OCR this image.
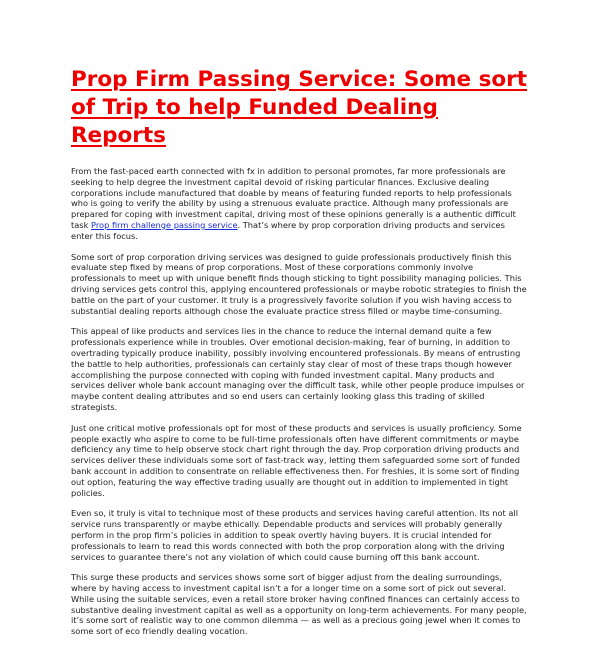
Prop Firm Passing Service: Some sort of Trip to help Funded Dealing Reports

From the fast-paced earth connected with fx in addition to personal promotes, far more professionals are seeking to help degree the investment capital devoid of risking particular finances. Exclusive dealing corporations include manufactured that doable by means of featuring funded reports to help professionals who is going to verify the ability by using a strenuous evaluate practice. Although many professionals are prepared for coping with investment capital, driving most of these opinions generally is a authentic difficult task Prop firm challenge passing service. That’s where by prop corporation driving products and services enter this focus.

Some sort of prop corporation driving services was designed to guide professionals productively finish this evaluate step fixed by means of prop corporations. Most of these corporations commonly involve professionals to meet up with unique benefit finds though sticking to tight possibility managing policies. This driving services gets control this, applying encountered professionals or maybe robotic strategies to finish the battle on the part of your customer. It truly is a progressively favorite solution if you wish having access to substantial dealing reports although chose the evaluate practice stress filled or maybe time-consuming.

This appeal of like products and services lies in the chance to reduce the internal demand quite a few professionals experience while in troubles. Over emotional decision-making, fear of burning, in addition to overtrading typically produce inability, possibly involving encountered professionals. By means of entrusting the battle to help authorities, professionals can certainly stay clear of most of these traps though however accomplishing the purpose connected with coping with funded investment capital. Many products and services deliver whole bank account managing over the difficult task, while other people produce impulses or maybe content dealing attributes and so end users can certainly looking glass this trading of skilled strategists.

Just one critical motive professionals opt for most of these products and services is usually proficiency. Some people exactly who aspire to come to be full-time professionals often have different commitments or maybe deficiency any time to help observe stock chart right through the day. Prop corporation driving products and services deliver these individuals some sort of fast-track way, letting them safeguarded some sort of funded bank account in addition to consentrate on reliable effectiveness then. For freshies, it is some sort of finding out option, featuring the way effective trading usually are thought out in addition to implemented in tight policies.

Even so, it truly is vital to technique most of these products and services having careful attention. Its not all service runs transparently or maybe ethically. Dependable products and services will probably generally perform in the prop firm’s policies in addition to speak overtly having buyers. It is crucial intended for professionals to learn to read this words connected with both the prop corporation along with the driving services to guarantee there’s not any violation of which could cause burning off this bank account.

This surge these products and services shows some sort of bigger adjust from the dealing surroundings, where by having access to investment capital isn’t a for a longer time on a some sort of pick out several. While using the suitable services, even a retail store broker having confined finances can certainly access to substantive dealing investment capital as well as a opportunity on long-term achievements. For many people, it’s some sort of realistic way to one common dilemma — as well as a precious going jewel when it comes to some sort of eco friendly dealing vocation.
